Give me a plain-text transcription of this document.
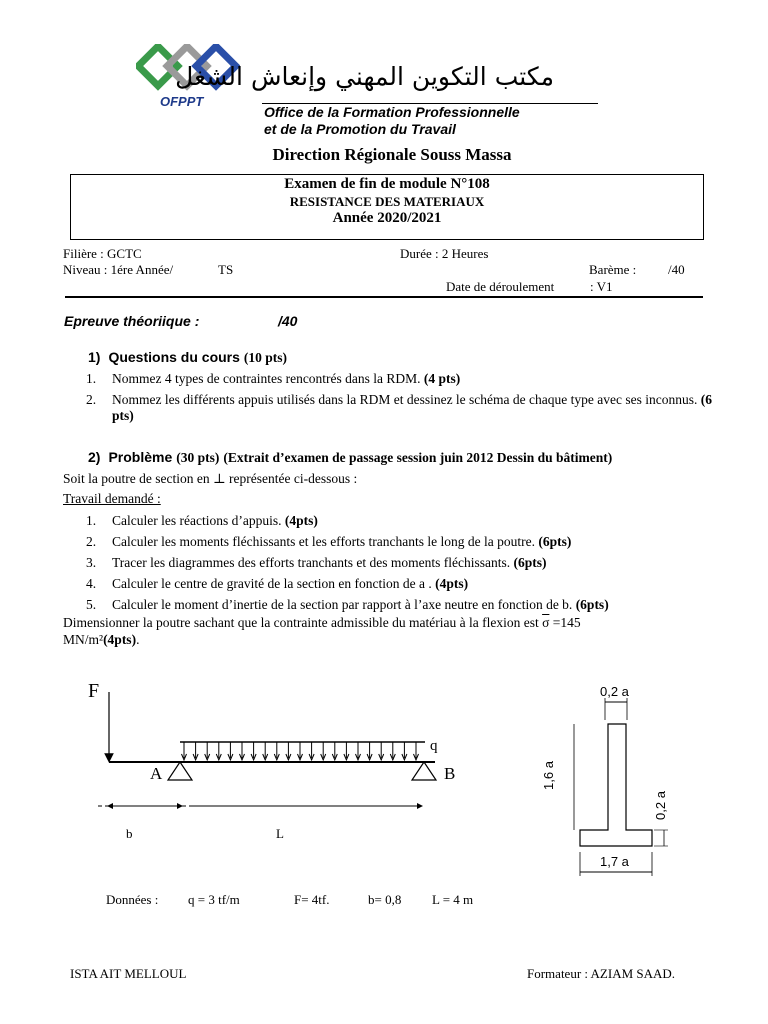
OFPPT
مكتب التكوين المهني وإنعاش الشغل
Office de la Formation Professionnelle
et de la Promotion du Travail
Direction Régionale Souss Massa
Examen de fin de module N°108
RESISTANCE DES MATERIAUX
Année 2020/2021
Filière : GCTC	Durée : 2 Heures
Niveau : 1ére Année/	TS	Barème : /40
Date de déroulement	: V1
Epreuve théoriique :	/40
1) Questions du cours (10 pts)
1. Nommez 4 types de contraintes rencontrés dans la RDM. (4 pts)
2. Nommez les différents appuis utilisés dans la RDM et dessinez le schéma de chaque type avec ses inconnus. (6 pts)
2) Problème (30 pts) (Extrait d’examen de passage session juin 2012 Dessin du bâtiment)
Soit la poutre de section en ⊥ représentée ci-dessous :
Travail demandé :
1. Calculer les réactions d’appuis. (4pts)
2. Calculer les moments fléchissants et les efforts tranchants le long de la poutre. (6pts)
3. Tracer les diagrammes des efforts tranchants et des moments fléchissants. (6pts)
4. Calculer le centre de gravité de la section en fonction de a . (4pts)
5. Calculer le moment d’inertie de la section par rapport à l’axe neutre en fonction de b. (6pts)
Dimensionner la poutre sachant que la contrainte admissible du matériau à la flexion est $\overline{\sigma} =145$
MN/m²(4pts).
F
q
A	B
b	L
0,2 a
1,6 a
0,2 a
1,7 a
Données : q = 3 tf/m	F= 4tf.	b= 0,8 L = 4 m
ISTA AIT MELLOUL	Formateur : AZIAM SAAD.
